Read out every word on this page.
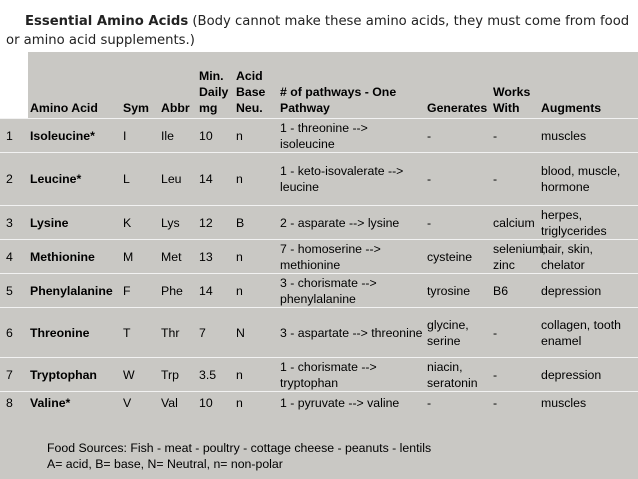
Essential Amino Acids (Body cannot make these amino acids, they must come from food or amino acid supplements.)
	Amino Acid	Sym	Abbr	Min. Daily mg	Acid Base Neu.	# of pathways - One Pathway	Generates	Works With	Augments
1	Isoleucine*	I	Ile	10	n	1 - threonine --> isoleucine	-	-	muscles
2	Leucine*	L	Leu	14	n	1 - keto-isovalerate --> leucine	-	-	blood, muscle, hormone
3	Lysine	K	Lys	12	B	2 - asparate --> lysine	-	calcium	herpes, triglycerides
4	Methionine	M	Met	13	n	7 - homoserine --> methionine	cysteine	selenium, zinc	hair, skin, chelator
5	Phenylalanine	F	Phe	14	n	3 - chorismate --> phenylalanine	tyrosine	B6	depression
6	Threonine	T	Thr	7	N	3 - aspartate --> threonine	glycine, serine	-	collagen, tooth enamel
7	Tryptophan	W	Trp	3.5	n	1 - chorismate --> tryptophan	niacin, seratonin	-	depression
8	Valine*	V	Val	10	n	1 - pyruvate --> valine	-	-	muscles
Food Sources: Fish - meat - poultry - cottage cheese - peanuts - lentils
A= acid, B= base, N= Neutral, n= non-polar
